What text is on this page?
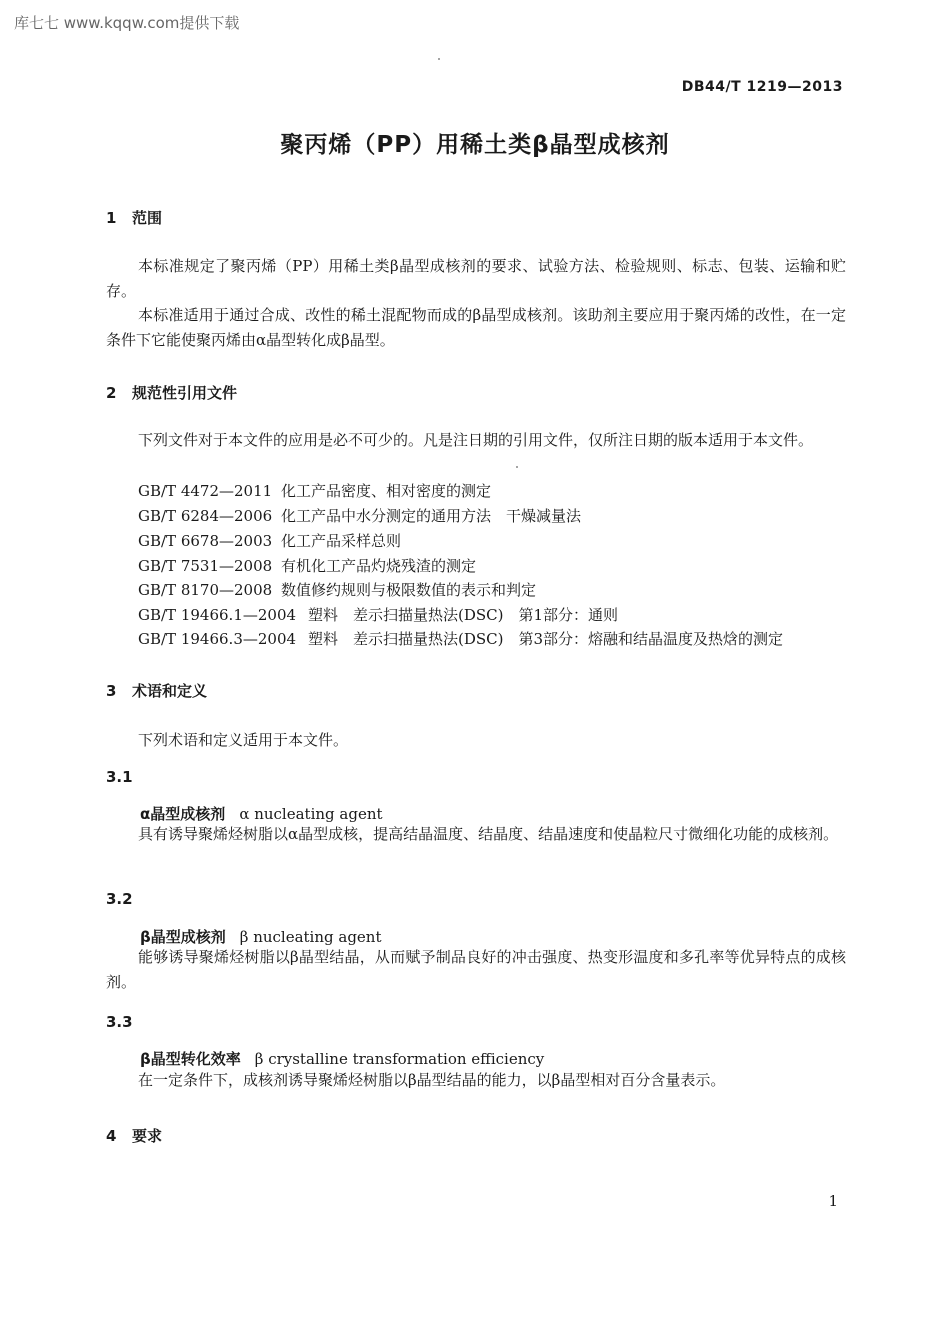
库七七 www.kqqw.com提供下载
DB44/T 1219—2013
聚丙烯（PP）用稀土类β晶型成核剂
1 范围
本标准规定了聚丙烯（PP）用稀土类β晶型成核剂的要求、试验方法、检验规则、标志、包装、运输和贮存。
本标准适用于通过合成、改性的稀土混配物而成的β晶型成核剂。该助剂主要应用于聚丙烯的改性，在一定条件下它能使聚丙烯由α晶型转化成β晶型。
2 规范性引用文件
下列文件对于本文件的应用是必不可少的。凡是注日期的引用文件，仅所注日期的版本适用于本文件。
GB/T 4472—2011 化工产品密度、相对密度的测定
GB/T 6284—2006 化工产品中水分测定的通用方法　干燥减量法
GB/T 6678—2003 化工产品采样总则
GB/T 7531—2008 有机化工产品灼烧残渣的测定
GB/T 8170—2008 数值修约规则与极限数值的表示和判定
GB/T 19466.1—2004 塑料　差示扫描量热法(DSC)　第1部分：通则
GB/T 19466.3—2004 塑料　差示扫描量热法(DSC)　第3部分：熔融和结晶温度及热焓的测定
3 术语和定义
下列术语和定义适用于本文件。
3.1
α晶型成核剂 α nucleating agent
具有诱导聚烯烃树脂以α晶型成核，提高结晶温度、结晶度、结晶速度和使晶粒尺寸微细化功能的成核剂。
3.2
β晶型成核剂 β nucleating agent
能够诱导聚烯烃树脂以β晶型结晶，从而赋予制品良好的冲击强度、热变形温度和多孔率等优异特点的成核剂。
3.3
β晶型转化效率 β crystalline transformation efficiency
在一定条件下，成核剂诱导聚烯烃树脂以β晶型结晶的能力，以β晶型相对百分含量表示。
4 要求
1
